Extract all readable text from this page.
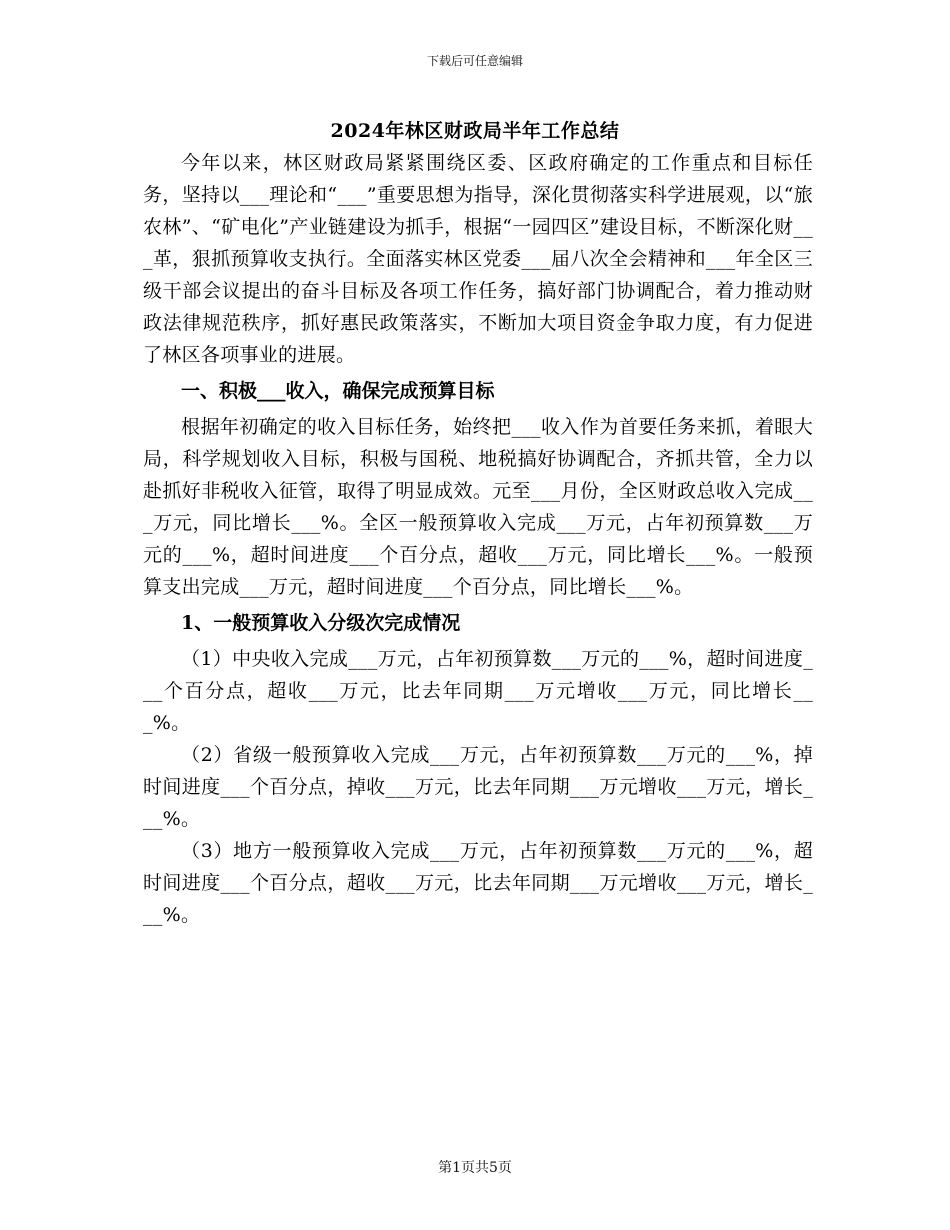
下载后可任意编辑
2024年林区财政局半年工作总结

今年以来，林区财政局紧紧围绕区委、区政府确定的工作重点和目标任务，坚持以___理论和“___”重要思想为指导，深化贯彻落实科学进展观，以“旅农林”、“矿电化”产业链建设为抓手，根据“一园四区”建设目标，不断深化财___革，狠抓预算收支执行。全面落实林区党委___届八次全会精神和___年全区三级干部会议提出的奋斗目标及各项工作任务，搞好部门协调配合，着力推动财政法律规范秩序，抓好惠民政策落实，不断加大项目资金争取力度，有力促进了林区各项事业的进展。

一、积极___收入，确保完成预算目标

根据年初确定的收入目标任务，始终把___收入作为首要任务来抓，着眼大局，科学规划收入目标，积极与国税、地税搞好协调配合，齐抓共管，全力以赴抓好非税收入征管，取得了明显成效。元至___月份，全区财政总收入完成___万元，同比增长___%。全区一般预算收入完成___万元，占年初预算数___万元的___%，超时间进度___个百分点，超收___万元，同比增长___%。一般预算支出完成___万元，超时间进度___个百分点，同比增长___%。

1、一般预算收入分级次完成情况

（1）中央收入完成___万元，占年初预算数___万元的___%，超时间进度___个百分点，超收___万元，比去年同期___万元增收___万元，同比增长___%。

（2）省级一般预算收入完成___万元，占年初预算数___万元的___%，掉时间进度___个百分点，掉收___万元，比去年同期___万元增收___万元，增长___%。

（3）地方一般预算收入完成___万元，占年初预算数___万元的___%，超时间进度___个百分点，超收___万元，比去年同期___万元增收___万元，增长___%。

第1页共5页
